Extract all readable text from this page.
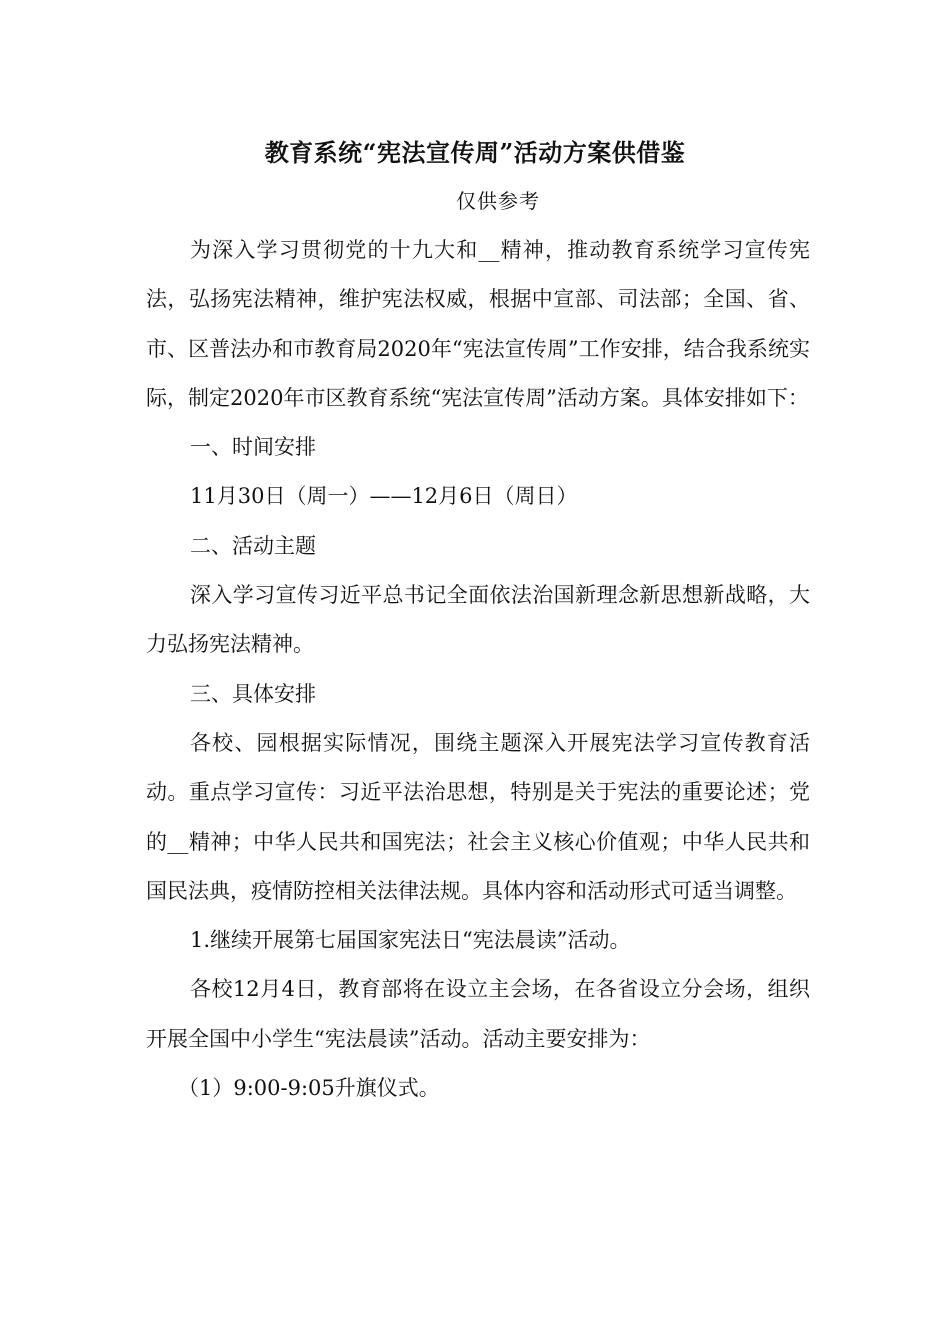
教育系统“宪法宣传周”活动方案供借鉴
仅供参考

为深入学习贯彻党的十九大和__精神，推动教育系统学习宣传宪法，弘扬宪法精神，维护宪法权威，根据中宣部、司法部；全国、省、市、区普法办和市教育局2020年“宪法宣传周”工作安排，结合我系统实际，制定2020年市区教育系统“宪法宣传周”活动方案。具体安排如下：

一、时间安排

11月30日（周一）——12月6日（周日）

二、活动主题

深入学习宣传习近平总书记全面依法治国新理念新思想新战略，大力弘扬宪法精神。

三、具体安排

各校、园根据实际情况，围绕主题深入开展宪法学习宣传教育活动。重点学习宣传：习近平法治思想，特别是关于宪法的重要论述；党的__精神；中华人民共和国宪法；社会主义核心价值观；中华人民共和国民法典，疫情防控相关法律法规。具体内容和活动形式可适当调整。

1.继续开展第七届国家宪法日“宪法晨读”活动。

各校12月4日，教育部将在设立主会场，在各省设立分会场，组织开展全国中小学生“宪法晨读”活动。活动主要安排为：

（1）9:00-9:05升旗仪式。
